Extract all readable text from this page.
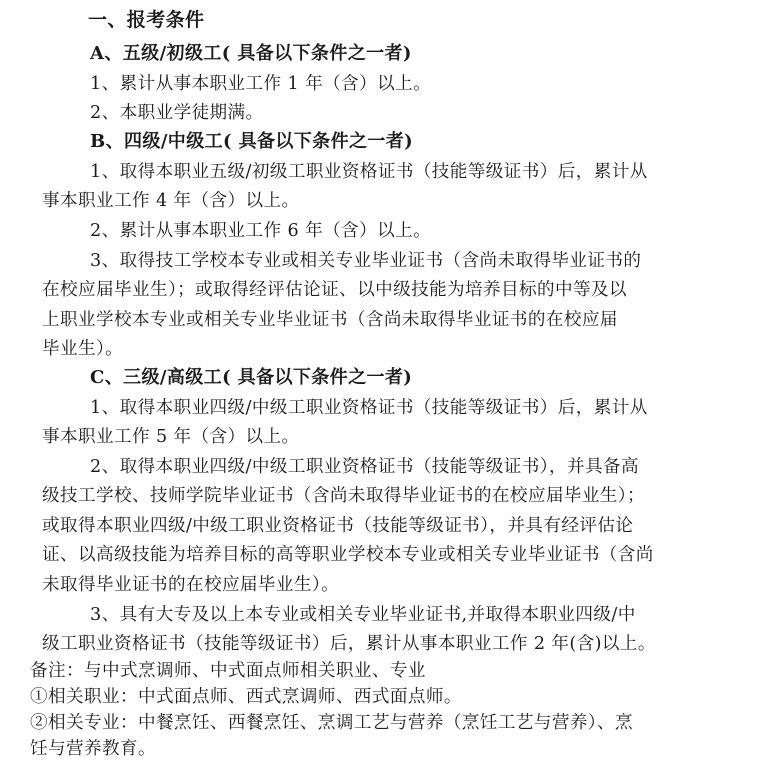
一、报考条件
A、五级/初级工( 具备以下条件之一者)
1、累计从事本职业工作 1 年（含）以上。
2、本职业学徒期满。
B、四级/中级工( 具备以下条件之一者)
1、取得本职业五级/初级工职业资格证书（技能等级证书）后，累计从
事本职业工作 4 年（含）以上。
2、累计从事本职业工作 6 年（含）以上。
3、取得技工学校本专业或相关专业毕业证书（含尚未取得毕业证书的
在校应届毕业生）；或取得经评估论证、以中级技能为培养目标的中等及以
上职业学校本专业或相关专业毕业证书（含尚未取得毕业证书的在校应届
毕业生）。
C、三级/高级工( 具备以下条件之一者)
1、取得本职业四级/中级工职业资格证书（技能等级证书）后，累计从
事本职业工作 5 年（含）以上。
2、取得本职业四级/中级工职业资格证书（技能等级证书），并具备高
级技工学校、技师学院毕业证书（含尚未取得毕业证书的在校应届毕业生）；
或取得本职业四级/中级工职业资格证书（技能等级证书），并具有经评估论
证、以高级技能为培养目标的高等职业学校本专业或相关专业毕业证书（含尚
未取得毕业证书的在校应届毕业生）。
3、具有大专及以上本专业或相关专业毕业证书,并取得本职业四级/中
级工职业资格证书（技能等级证书）后，累计从事本职业工作 2 年(含)以上。
备注：与中式烹调师、中式面点师相关职业、专业
①相关职业：中式面点师、西式烹调师、西式面点师。
②相关专业：中餐烹饪、西餐烹饪、烹调工艺与营养（烹饪工艺与营养）、烹
饪与营养教育。
